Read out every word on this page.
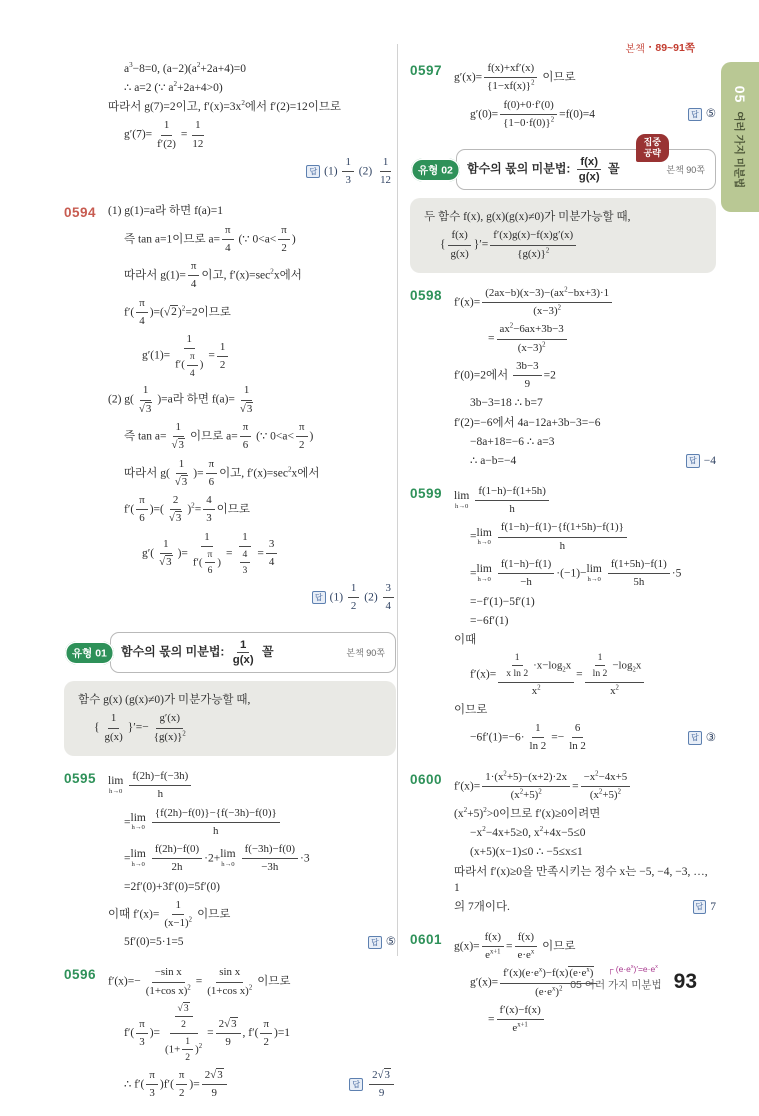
본책 ▪ 89~91쪽
05
여러 가지 미분법
$a^3-8=0$, $(a-2)(a^2+2a+4)=0$
∴ a=2 (∵ $a^2+2a+4>0$)
따라서 g(7)=2이고, $f'(x)=3x^2$에서 f′(2)=12이므로
$g'(7)= \frac{1}{f'(2)} = \frac{1}{12}$
답 $(1) \frac{1}{3} (2) \frac{1}{12}$
0594 (1) g(1)=a라 하면 f(a)=1
즉 tan a=1이므로 $a= \frac{\pi}{4}$ (∵ $0<a< \frac{\pi}{2}$ )
따라서 $g(1)= \frac{\pi}{4}$ 이고, $f'(x)=\sec^2x$에서
$f'( \frac{\pi}{4} )=(√2)^2=2$이므로
$g'(1)= \frac{1}{f'( \frac{\pi}{4} )} = \frac{1}{2}$
(2) $g( \frac{1}{√3} )=a$라 하면 $f(a)= \frac{1}{√3}$
즉 $\tan a= \frac{1}{√3}$ 이므로 $a= \frac{\pi}{6}$ (∵ $0<a< \frac{\pi}{2}$ )
따라서 $g( \frac{1}{√3}$ )= $\frac{\pi}{6}$ 이고, $f'(x)=\sec^2x$에서
$f'( \frac{\pi}{6}$ )=( $\frac{2}{√3} )^2= \frac{4}{3}$ 이므로
$g'( \frac{1}{√3}$ )= $\frac{1}{f'( \frac{\pi}{6} )} = \frac{1}{\frac{4}{3}} = \frac{3}{4}$
답 $(1) \frac{1}{2} (2) \frac{3}{4}$
유형 01	함수의 몫의 미분법: $\frac{1}{g(x)}$ 꼴	본책 90쪽
함수 g(x) (g(x)≠0)가 미분가능할 때,
{ $\frac{1}{g(x)}$ }′=− $\frac{g'(x)}{\{g(x)\}^2}$
0595 lim
$h\to 0 \frac{f(2h)-f(-3h)}{h}$
= lim
$h\to 0 \frac{\{f(2h)-f(0)\}-\{f(-3h)-f(0)\}}{h}$
= lim
$h\to 0 \frac{f(2h)-f(0)}{2h} \cdot 2+ \lim$
$h\to 0 \frac{f(-3h)-f(0)}{-3h} \cdot 3$
=2f′(0)+3f′(0)=5f′(0)
이때 $f'(x)= \frac{1}{(x-1)^2}$ 이므로
5f′(0)=5·1=5	답 ⑤
0596 $f'(x)=- \frac{\text{−sin x}}{(1+\cos x)^2} = \frac{\text{sin x}}{(1+\cos x)^2}$ 이므로
$f'( \frac{\pi}{3}$ )= $\frac{\frac{√3}{2}}{(1+ \frac{1}{2} )^2} = \frac{2√3}{9}$ , $f'( \frac{\pi}{2} )=1$
∴ $f'( \frac{\pi}{3} )f'( \frac{\pi}{2}$ )= $\frac{2√3}{9}$	답 $\frac{2√3}{9}$
0597 $g'(x)= \frac{f(x)+xf'(x)}{\{1-xf(x)\}^2}$ 이므로
$g'(0)= \frac{f(0)+0\cdot f'(0)}{\{1-0\cdot f(0)\}^2} =f(0)=4$	답 ⑤
유형 02	함수의 몫의 미분법: $\frac{f(x)}{g(x)}$ 꼴	본책 90쪽
집중
공략
두 함수 f(x), g(x)(g(x)≠0)가 미분가능할 때,
{ $\frac{f(x)}{g(x)}$ }′= $\frac{f'(x)g(x)-f(x)g'(x)}{\{g(x)\}^2}$
0598 $f'(x)= \frac{(2ax-b)(x-3)-(ax^2-bx+3)\cdot 1}{(x-3)^2}$
= $\frac{ax^2-6ax+3b-3}{(x-3)^2}$
f′(0)=2에서 $\frac{3b-3}{9} =2$
3b−3=18 ∴ b=7
f′(2)=−6에서 4a−12a+3b−3=−6
−8a+18=−6 ∴ a=3
∴ a−b=−4	답 −4
0599 lim
$h\to 0 \frac{f(1-h)-f(1+5h)}{h}$
= lim
$h\to 0 \frac{f(1-h)-f(1)-\{f(1+5h)-f(1)\}}{h}$
= lim
$h\to 0 \frac{f(1-h)-f(1)}{-h} \cdot(-1)- \lim$
$h\to 0 \frac{f(1+5h)-f(1)}{5h} \cdot 5$
=−f′(1)−5f′(1)
=−6f′(1)
이때
$f'(x)= \frac{\frac{1}{\text{x ln 2}} \cdot x-\log_2x}{x^2} = \frac{\frac{1}{\ln 2} -\log_2x}{x^2}$
이므로
$-6f'(1)=-6\cdot \frac{1}{\ln 2} =- \frac{6}{\ln 2}$	답 ③
0600 $f'(x)= \frac{1\cdot(x^2+5)-(x+2)\cdot 2x}{(x^2+5)^2} = \frac{-x^2-4x+5}{(x^2+5)^2}$
$(x^2+5)^2>0$이므로 f′(x)≥0이려면
$-x^2-4x+5\ge 0$, $x^2+4x-5\le 0$
(x+5)(x−1)≤0 ∴ −5≤x≤1
따라서 f′(x)≥0을 만족시키는 정수 x는 −5, −4, −3, …, 1
의 7개이다.	답 7
0601 $g(x)= \frac{f(x)}{e^{x+1}} = \frac{f(x)}{e\cdot e^x}$ 이므로
$g'(x)= \frac{f'(x)(e\cdot e^x)-f(x)(e\cdot e^x)}{(e\cdot e^x)^2}$ ┌ $(e\cdot e^x)'=e\cdot e^x$
= $\frac{f'(x)-f(x)}{e^{x+1}}$
05 여러 가지 미분법 93
